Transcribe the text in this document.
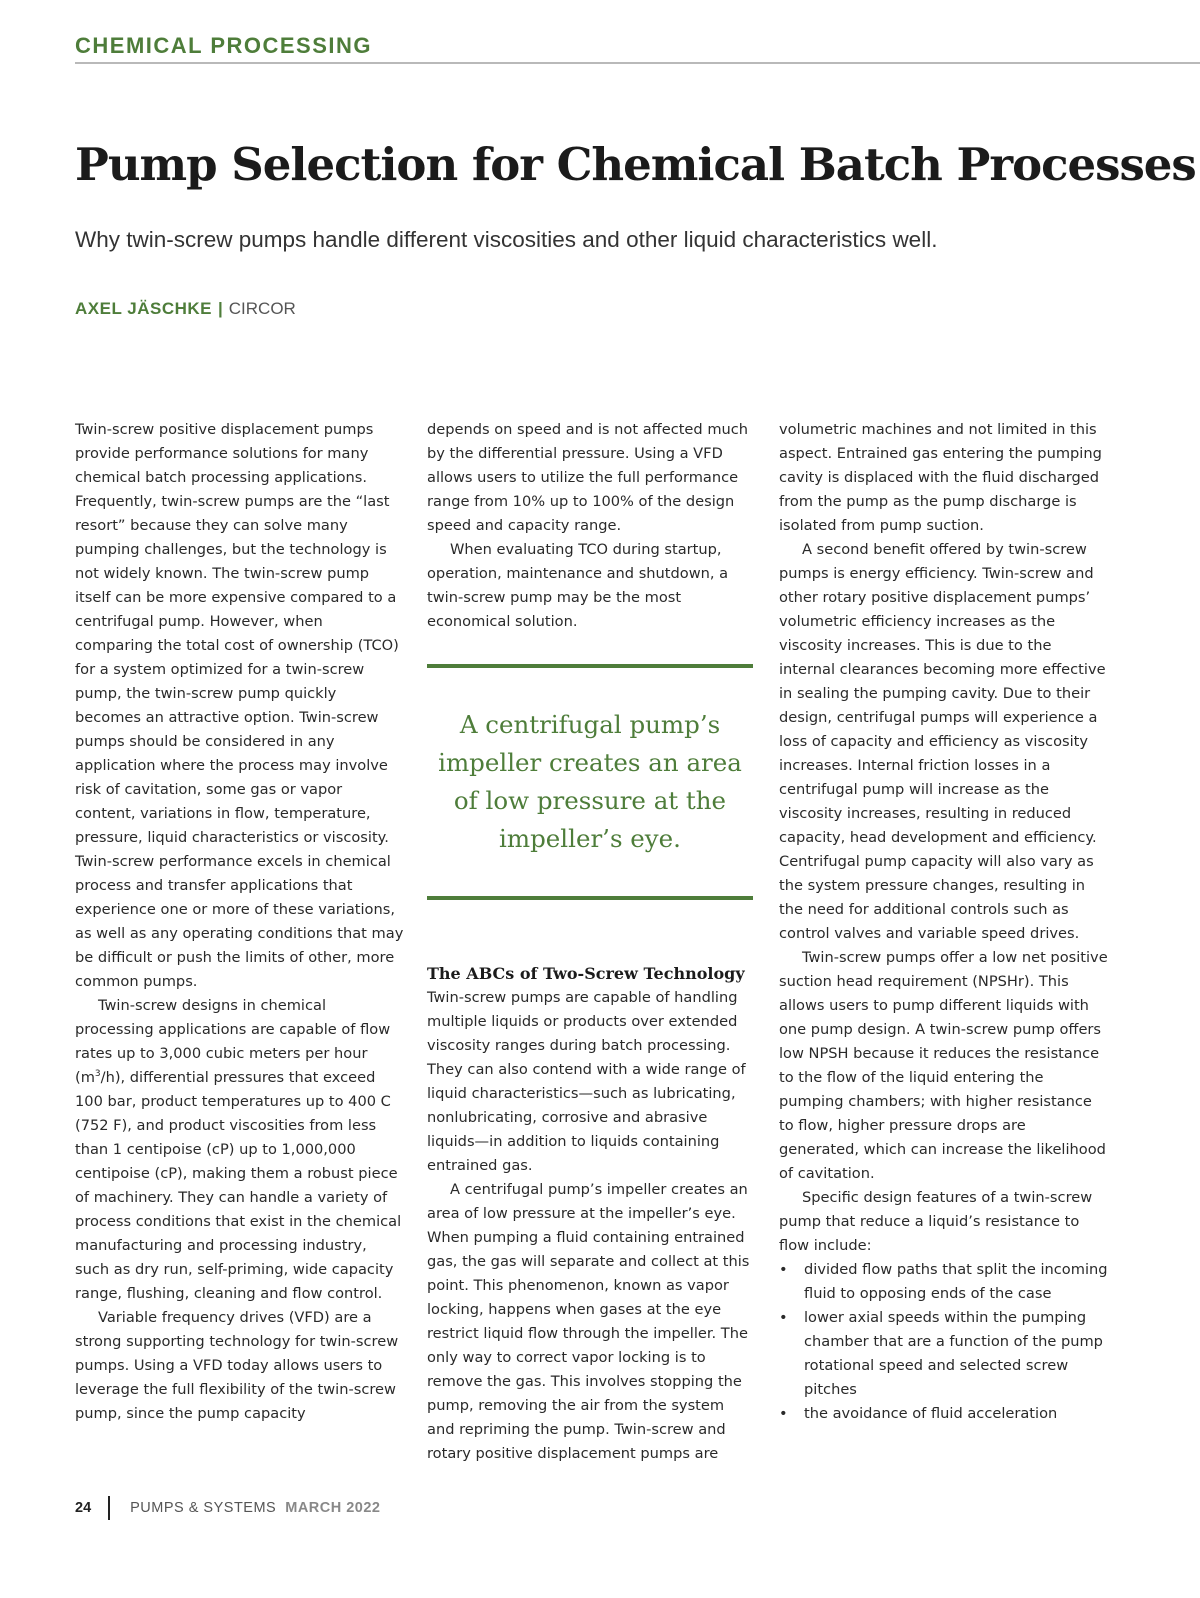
CHEMICAL PROCESSING
Pump Selection for Chemical Batch Processes
Why twin-screw pumps handle different viscosities and other liquid characteristics well.
AXEL JÄSCHKE | CIRCOR

Twin-screw positive displacement pumps provide performance solutions for many chemical batch processing applications. Frequently, twin-screw pumps are the “last resort” because they can solve many pumping challenges, but the technology is not widely known. The twin-screw pump itself can be more expensive compared to a centrifugal pump. However, when comparing the total cost of ownership (TCO) for a system optimized for a twin-screw pump, the twin-screw pump quickly becomes an attractive option. Twin-screw pumps should be considered in any application where the process may involve risk of cavitation, some gas or vapor content, variations in flow, temperature, pressure, liquid characteristics or viscosity. Twin-screw performance excels in chemical process and transfer applications that experience one or more of these variations, as well as any operating conditions that may be difficult or push the limits of other, more common pumps.

Twin-screw designs in chemical processing applications are capable of flow rates up to 3,000 cubic meters per hour $(m^3/h)$, differential pressures that exceed 100 bar, product temperatures up to 400 C (752 F), and product viscosities from less than 1 centipoise (cP) up to 1,000,000 centipoise (cP), making them a robust piece of machinery. They can handle a variety of process conditions that exist in the chemical manufacturing and processing industry, such as dry run, self-priming, wide capacity range, flushing, cleaning and flow control.

Variable frequency drives (VFD) are a strong supporting technology for twin-screw pumps. Using a VFD today allows users to leverage the full flexibility of the twin-screw pump, since the pump capacity

depends on speed and is not affected much by the differential pressure. Using a VFD allows users to utilize the full performance range from 10% up to 100% of the design speed and capacity range.

When evaluating TCO during startup, operation, maintenance and shutdown, a twin-screw pump may be the most economical solution.

A centrifugal pump’s impeller creates an area of low pressure at the impeller’s eye.
The ABCs of Two-Screw Technology

Twin-screw pumps are capable of handling multiple liquids or products over extended viscosity ranges during batch processing. They can also contend with a wide range of liquid characteristics—such as lubricating, nonlubricating, corrosive and abrasive liquids—in addition to liquids containing entrained gas.

A centrifugal pump’s impeller creates an area of low pressure at the impeller’s eye. When pumping a fluid containing entrained gas, the gas will separate and collect at this point. This phenomenon, known as vapor locking, happens when gases at the eye restrict liquid flow through the impeller. The only way to correct vapor locking is to remove the gas. This involves stopping the pump, removing the air from the system and repriming the pump. Twin-screw and rotary positive displacement pumps are

volumetric machines and not limited in this aspect. Entrained gas entering the pumping cavity is displaced with the fluid discharged from the pump as the pump discharge is isolated from pump suction.

A second benefit offered by twin-screw pumps is energy efficiency. Twin-screw and other rotary positive displacement pumps’ volumetric efficiency increases as the viscosity increases. This is due to the internal clearances becoming more effective in sealing the pumping cavity. Due to their design, centrifugal pumps will experience a loss of capacity and efficiency as viscosity increases. Internal friction losses in a centrifugal pump will increase as the viscosity increases, resulting in reduced capacity, head development and efficiency. Centrifugal pump capacity will also vary as the system pressure changes, resulting in the need for additional controls such as control valves and variable speed drives.

Twin-screw pumps offer a low net positive suction head requirement (NPSHr). This allows users to pump different liquids with one pump design. A twin-screw pump offers low NPSH because it reduces the resistance to the flow of the liquid entering the pumping chambers; with higher resistance to flow, higher pressure drops are generated, which can increase the likelihood of cavitation.

Specific design features of a twin-screw pump that reduce a liquid’s resistance to flow include:

• divided flow paths that split the incoming fluid to opposing ends of the case
• lower axial speeds within the pumping chamber that are a function of the pump rotational speed and selected screw pitches
• the avoidance of fluid acceleration
24	PUMPS & SYSTEMS MARCH 2022
